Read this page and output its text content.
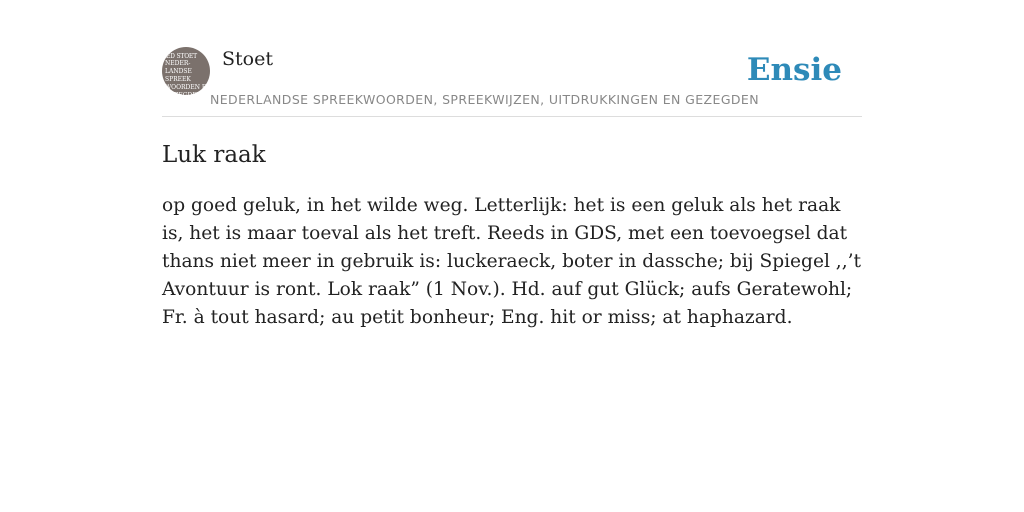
ED STOET
NEDER-
LANDSE
SPREEK
WOORDEN EN
GEZEGDEN
Stoet
NEDERLANDSE SPREEKWOORDEN, SPREEKWIJZEN, UITDRUKKINGEN EN GEZEGDEN
Ensie
Luk raak

op goed geluk, in het wilde weg. Letterlijk: het is een geluk als het raak is, het is maar toeval als het treft. Reeds in GDS, met een toevoegsel dat thans niet meer in gebruik is: luckeraeck, boter in dassche; bij Spiegel ,,’t Avontuur is ront. Lok raak” (1 Nov.). Hd. auf gut Glück; aufs Geratewohl; Fr. à tout hasard; au petit bonheur; Eng. hit or miss; at haphazard.
